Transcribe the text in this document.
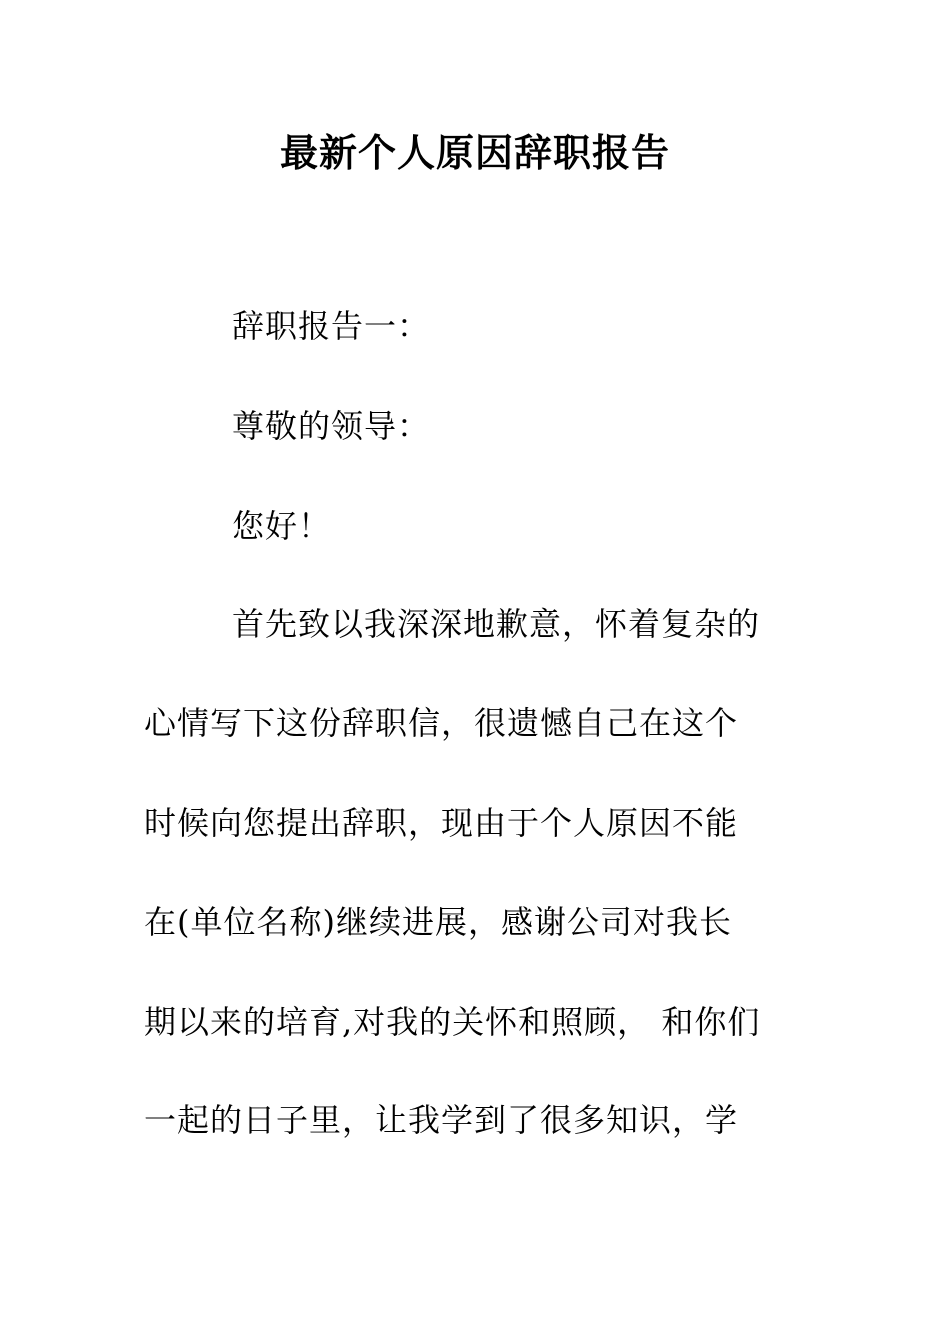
最新个人原因辞职报告
辞职报告一：
尊敬的领导：
您好！
首先致以我深深地歉意，怀着复杂的
心情写下这份辞职信，很遗憾自己在这个
时候向您提出辞职，现由于个人原因不能
在(单位名称)继续进展，感谢公司对我长
期以来的培育,对我的关怀和照顾， 和你们
一起的日子里，让我学到了很多知识，学
